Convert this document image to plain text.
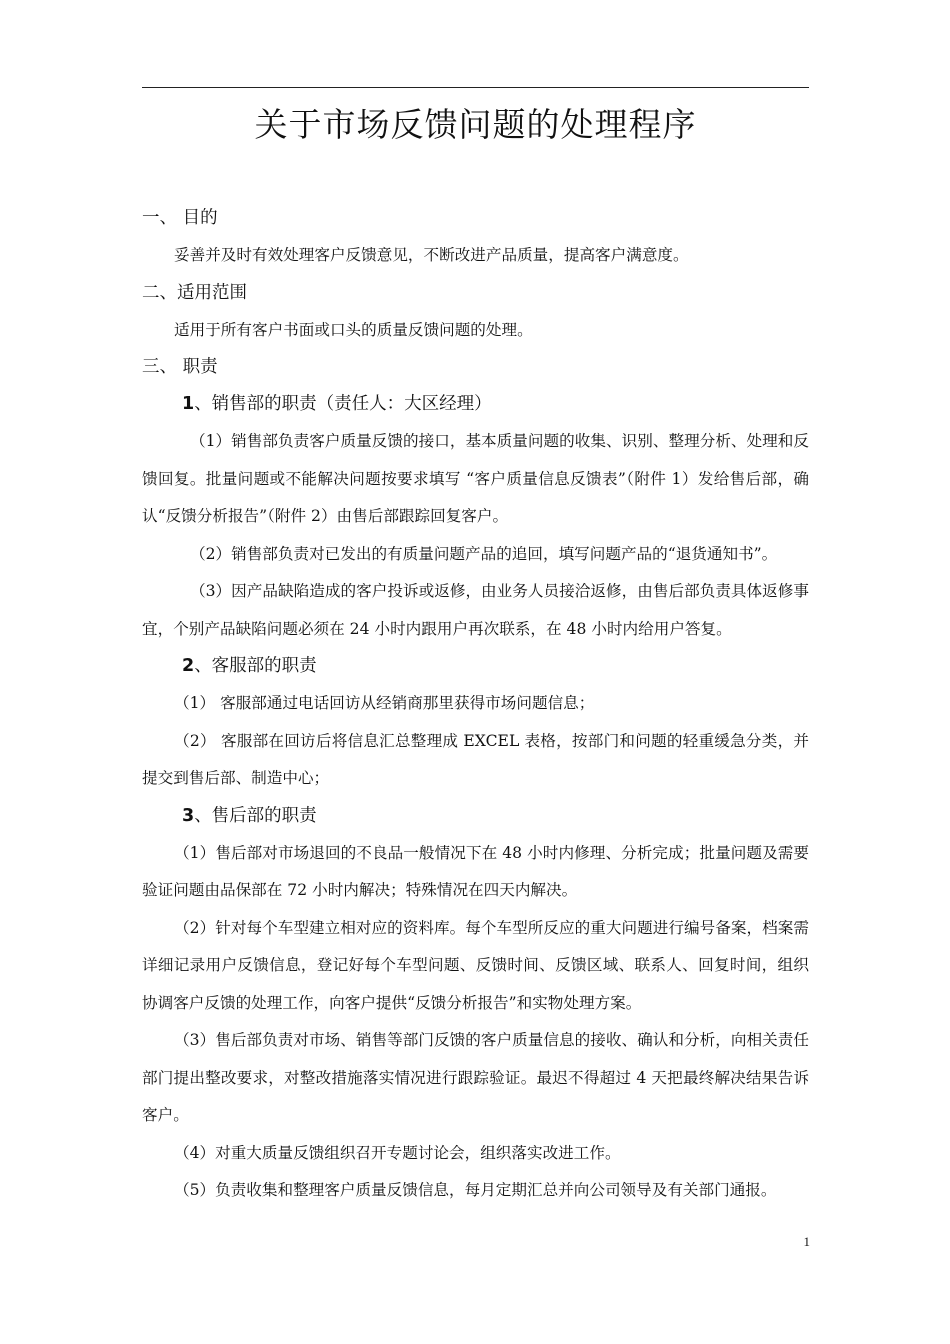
关于市场反馈问题的处理程序

一、 目的

妥善并及时有效处理客户反馈意见，不断改进产品质量，提高客户满意度。

二、适用范围

适用于所有客户书面或口头的质量反馈问题的处理。

三、 职责

1、销售部的职责（责任人：大区经理）

（1）销售部负责客户质量反馈的接口，基本质量问题的收集、识别、整理分析、处理和反馈回复。批量问题或不能解决问题按要求填写 “客户质量信息反馈表”（附件 1）发给售后部，确认“反馈分析报告”（附件 2）由售后部跟踪回复客户。

（2）销售部负责对已发出的有质量问题产品的追回，填写问题产品的“退货通知书”。

（3）因产品缺陷造成的客户投诉或返修，由业务人员接洽返修，由售后部负责具体返修事宜，个别产品缺陷问题必须在 24 小时内跟用户再次联系，在 48 小时内给用户答复。

2、客服部的职责

（1） 客服部通过电话回访从经销商那里获得市场问题信息；

（2） 客服部在回访后将信息汇总整理成 EXCEL 表格，按部门和问题的轻重缓急分类，并提交到售后部、制造中心；

3、售后部的职责

（1）售后部对市场退回的不良品一般情况下在 48 小时内修理、分析完成；批量问题及需要验证问题由品保部在 72 小时内解决；特殊情况在四天内解决。

（2）针对每个车型建立相对应的资料库。每个车型所反应的重大问题进行编号备案，档案需详细记录用户反馈信息，登记好每个车型问题、反馈时间、反馈区域、联系人、回复时间，组织协调客户反馈的处理工作，向客户提供“反馈分析报告”和实物处理方案。

（3）售后部负责对市场、销售等部门反馈的客户质量信息的接收、确认和分析，向相关责任部门提出整改要求，对整改措施落实情况进行跟踪验证。最迟不得超过 4 天把最终解决结果告诉客户。

（4）对重大质量反馈组织召开专题讨论会，组织落实改进工作。

（5）负责收集和整理客户质量反馈信息，每月定期汇总并向公司领导及有关部门通报。

1
